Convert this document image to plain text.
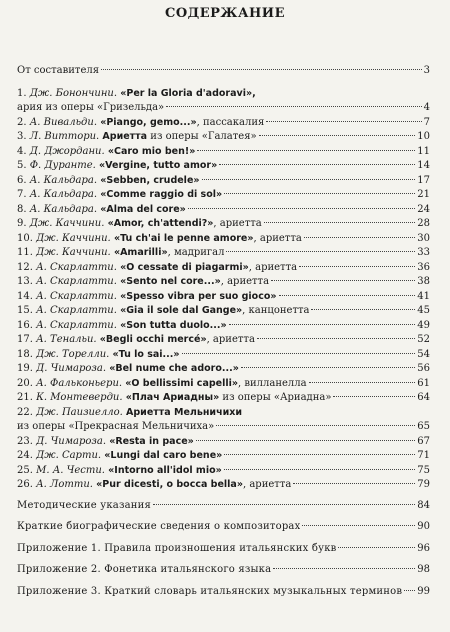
СОДЕРЖАНИЕ
От составителя	3
1. Дж. Бонончини. «Per la Gloria d'adoravi»,
ария из оперы «Гризельда»	4
2. А. Вивальди. «Piango, gemo...», пассакалия	7
3. Л. Виттори. Ариетта из оперы «Галатея»	10
4. Д. Джордани. «Caro mio ben!»	11
5. Ф. Дуранте. «Vergine, tutto amor»	14
6. А. Кальдара. «Sebben, crudele»	17
7. А. Кальдара. «Comme raggio di sol»	21
8. А. Кальдара. «Alma del core»	24
9. Дж. Каччини. «Amor, ch'attendi?», ариетта	28
10. Дж. Каччини. «Tu ch'ai le penne amore», ариетта	30
11. Дж. Каччини. «Amarilli», мадригал	33
12. А. Скарлатти. «O cessate di piagarmi», ариетта	36
13. А. Скарлатти. «Sento nel core...», ариетта	38
14. А. Скарлатти. «Spesso vibra per suo gioco»	41
15. А. Скарлатти. «Gia il sole dal Gange», канцонетта	45
16. А. Скарлатти. «Son tutta duolo...»	49
17. А. Тенальи. «Begli occhi mercé», ариетта	52
18. Дж. Торелли. «Tu lo sai...»	54
19. Д. Чимароза. «Bel nume che adoro...»	56
20. А. Фальконьери. «O bellissimi capelli», вилланелла	61
21. К. Монтеверди. «Плач Ариадны» из оперы «Ариадна»	64
22. Дж. Паизиелло. Ариетта Мельничихи
из оперы «Прекрасная Мельничиха»	65
23. Д. Чимароза. «Resta in pace»	67
24. Дж. Сарти. «Lungi dal caro bene»	71
25. М. А. Чести. «Intorno all'idol mio»	75
26. А. Лотти. «Pur dicesti, o bocca bella», ариетта	79
Методические указания	84
Краткие биографические сведения о композиторах	90
Приложение 1. Правила произношения итальянских букв	96
Приложение 2. Фонетика итальянского языка	98
Приложение 3. Краткий словарь итальянских музыкальных терминов 99
